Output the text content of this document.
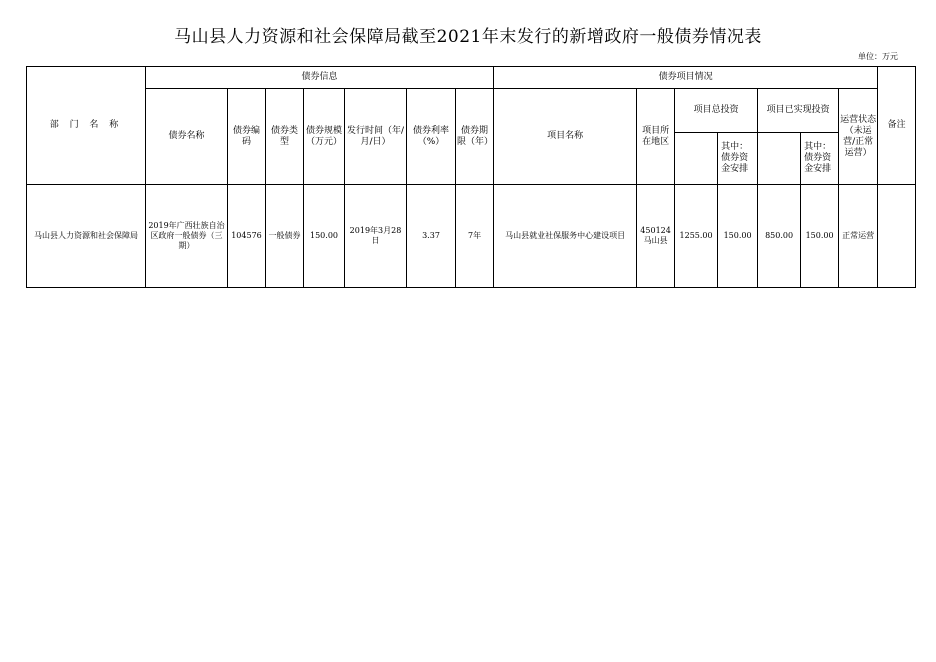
马山县人力资源和社会保障局截至2021年末发行的新增政府一般债券情况表
单位：万元
部 门 名 称	债券信息							债券项目情况							备注
	债券名称	债券编码	债券类型	债券规模（万元）	发行时间（年/月/日）	债券利率（%）	债券期限（年）	项目名称	项目所在地区	项目总投资		项目已实现投资		运营状态（未运营/正常运营）	
											其中：债券资金安排		其中：债券资金安排		
马山县人力资源和社会保障局	2019年广西壮族自治区政府一般债券（三期）	104576	一般债券	150.00	2019年3月28日	3.37	7年	马山县就业社保服务中心建设项目	450124马山县	1255.00	150.00	850.00	150.00	正常运营	
